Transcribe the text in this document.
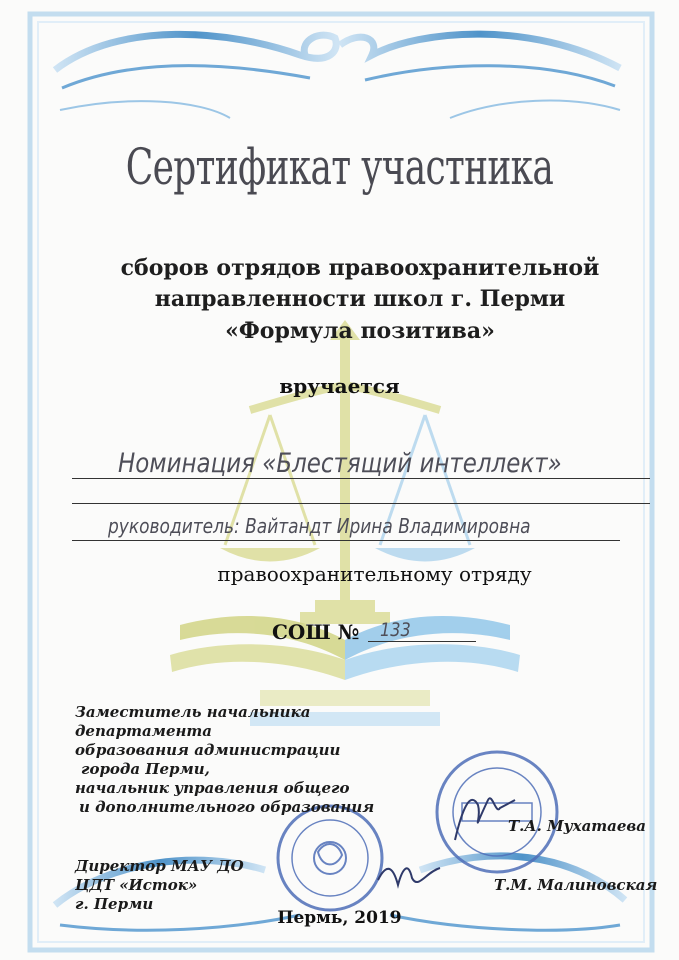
Сертификат участника
сборов отрядов правоохранительной
направленности школ г. Перми
«Формула позитива»
вручается
Номинация «Блестящий интеллект»
руководитель: Вайтандт Ирина Владимировна
правоохранительному отряду
СОШ № 133
Заместитель начальника
департамента
образования администрации
города Перми,
начальник управления общего
и дополнительного образования
Т.А. Мухатаева
Директор МАУ ДО
ЦДТ «Исток»
г. Перми
Т.М. Малиновская
Пермь, 2019
